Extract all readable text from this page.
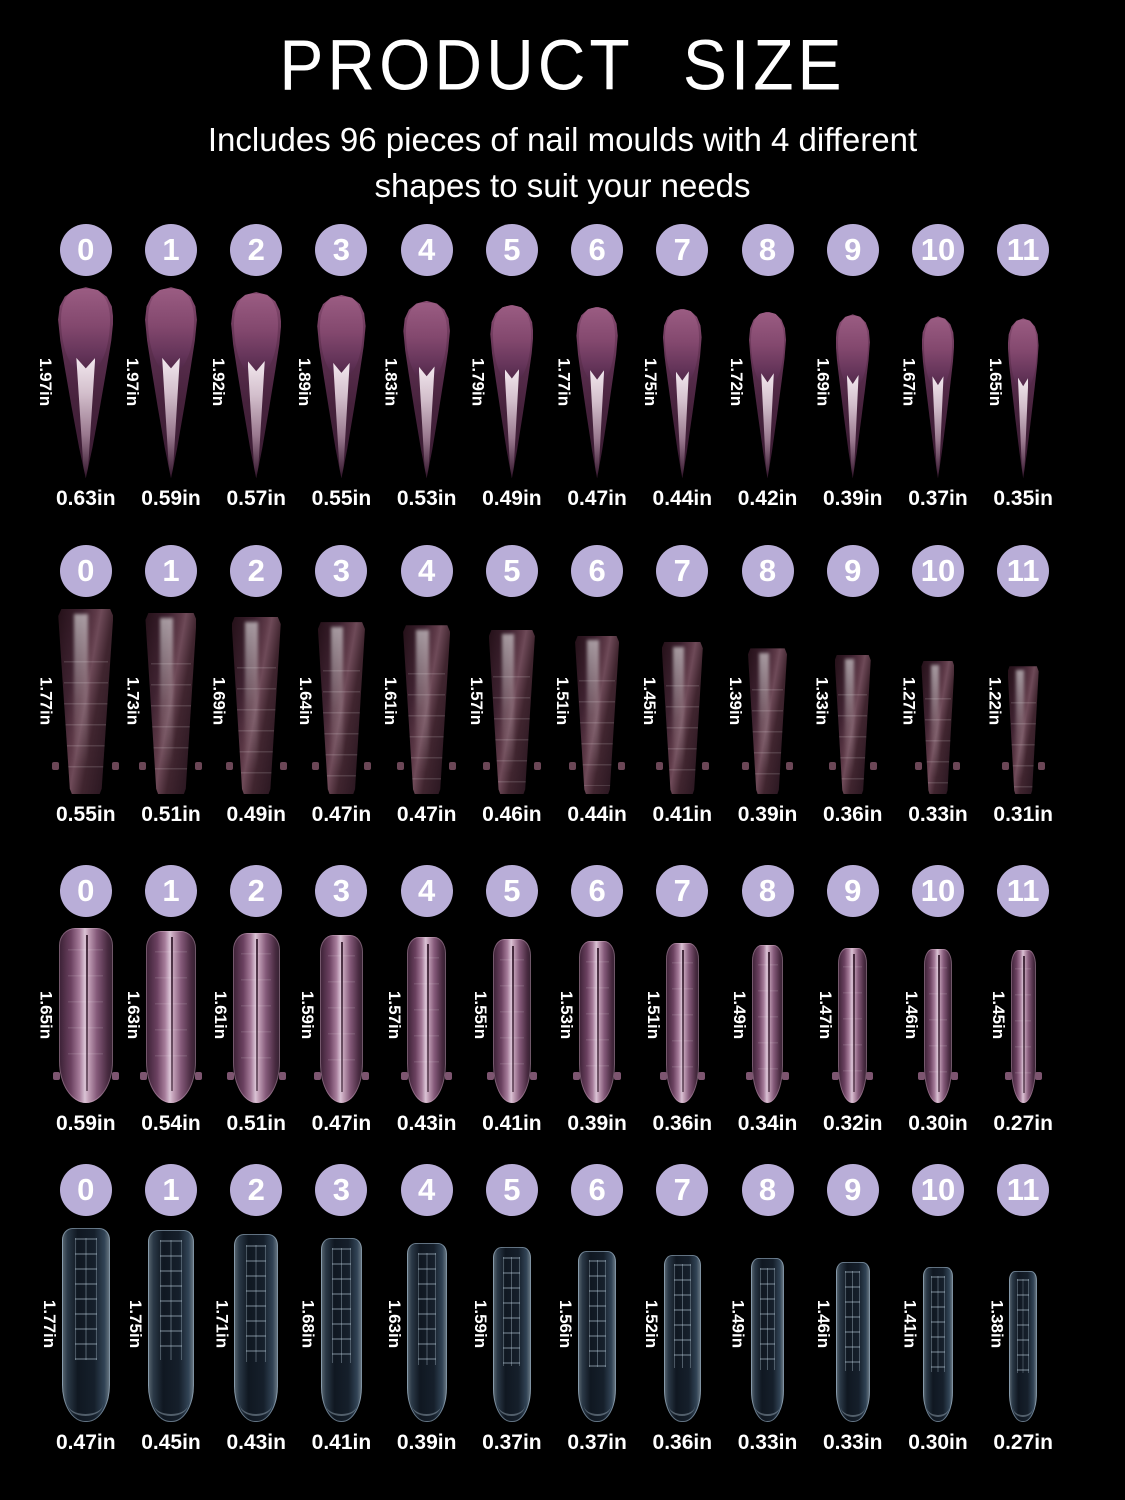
PRODUCT SIZE
Includes 96 pieces of nail moulds with 4 different
shapes to suit your needs
0
1.97in
0.63in
1
1.97in
0.59in
2
1.92in
0.57in
3
1.89in
0.55in
4
1.83in
0.53in
5
1.79in
0.49in
6
1.77in
0.47in
7
1.75in
0.44in
8
1.72in
0.42in
9
1.69in
0.39in
10
1.67in
0.37in
11
1.65in
0.35in
0
1.77in
0.55in
1
1.73in
0.51in
2
1.69in
0.49in
3
1.64in
0.47in
4
1.61in
0.47in
5
1.57in
0.46in
6
1.51in
0.44in
7
1.45in
0.41in
8
1.39in
0.39in
9
1.33in
0.36in
10
1.27in
0.33in
11
1.22in
0.31in
0
1.65in
0.59in
1
1.63in
0.54in
2
1.61in
0.51in
3
1.59in
0.47in
4
1.57in
0.43in
5
1.55in
0.41in
6
1.53in
0.39in
7
1.51in
0.36in
8
1.49in
0.34in
9
1.47in
0.32in
10
1.46in
0.30in
11
1.45in
0.27in
0
1.77in
0.47in
1
1.75in
0.45in
2
1.71in
0.43in
3
1.68in
0.41in
4
1.63in
0.39in
5
1.59in
0.37in
6
1.56in
0.37in
7
1.52in
0.36in
8
1.49in
0.33in
9
1.46in
0.33in
10
1.41in
0.30in
11
1.38in
0.27in
